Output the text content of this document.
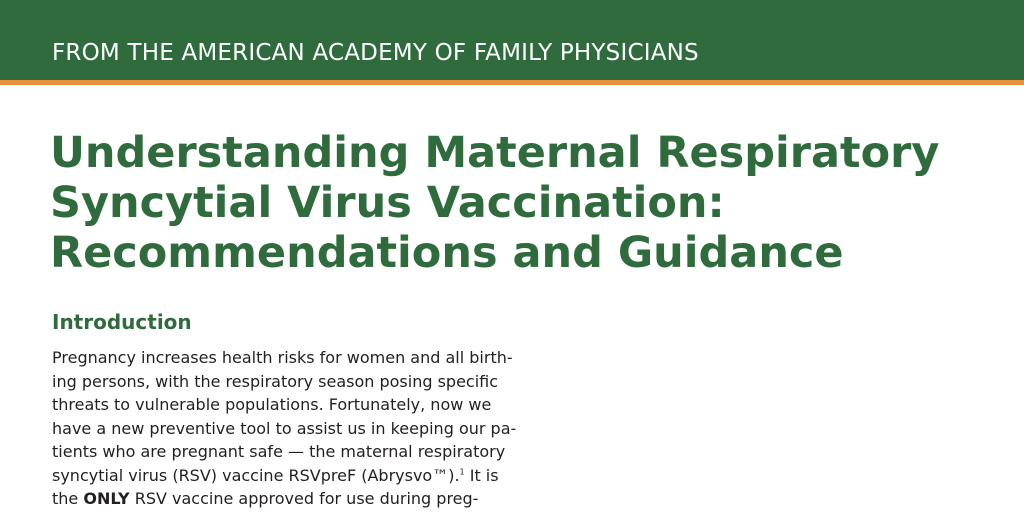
FROM THE AMERICAN ACADEMY OF FAMILY PHYSICIANS
Understanding Maternal Respiratory
Syncytial Virus Vaccination:
Recommendations and Guidance
Introduction
Pregnancy increases health risks for women and all birth-
ing persons, with the respiratory season posing specific
threats to vulnerable populations. Fortunately, now we
have a new preventive tool to assist us in keeping our pa-
tients who are pregnant safe — the maternal respiratory
syncytial virus (RSV) vaccine RSVpreF (Abrysvo™).$^1$ It is
the ONLY RSV vaccine approved for use during preg-
